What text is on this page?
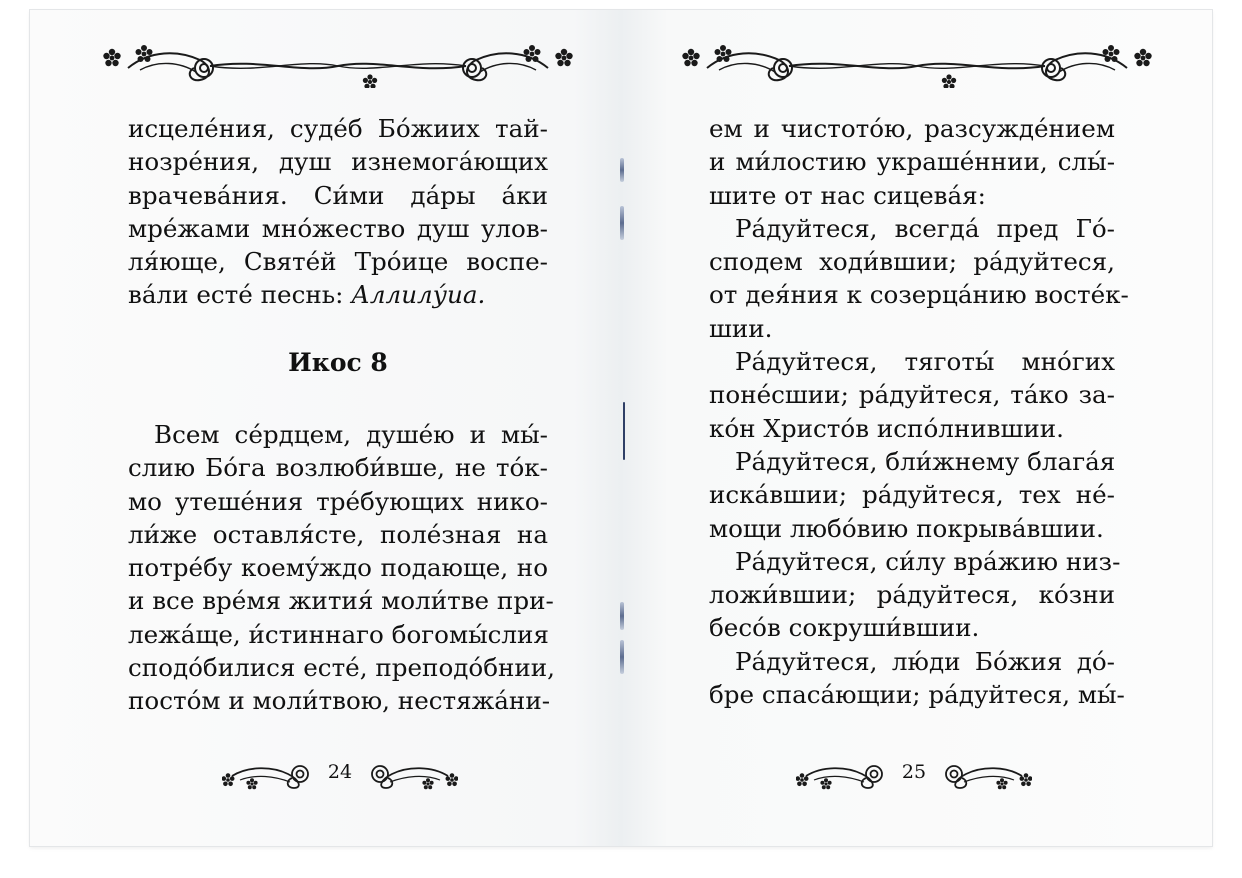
исцеле́ния, суде́б Бо́жиих тай-
нозре́ния, душ изнемога́ющих
врачева́ния. Си́ми да́ры а́ки
мре́жами мно́жество душ улов-
ля́юще, Святе́й Тро́ице воспе-
ва́ли есте́ песнь: Аллилу́иа.
Икос 8
Всем се́рдцем, душе́ю и мы́-
слию Бо́га возлюби́вше, не то́к-
мо утеше́ния тре́бующих нико-
ли́же оставля́сте, поле́зная на
потре́бу коему́ждо подающе, но
и все вре́мя жития́ моли́тве при-
лежа́ще, и́стиннаго богомы́слия
сподо́билися есте́, преподо́бнии,
посто́м и моли́твою, нестяжа́ни-
ем и чистото́ю, разсужде́нием
и ми́лостию украше́ннии, слы́-
шите от нас сицева́я:
Ра́дуйтеся, всегда́ пред Го́-
сподем ходи́вшии; ра́дуйтеся,
от дея́ния к созерца́нию восте́к-
шии.
Ра́дуйтеся, тяготы́ мно́гих
поне́сшии; ра́дуйтеся, та́ко за-
ко́н Христо́в испо́лнившии.
Ра́дуйтеся, бли́жнему блага́я
иска́вшии; ра́дуйтеся, тех не́-
мощи любо́вию покрыва́вшии.
Ра́дуйтеся, си́лу вра́жию низ-
ложи́вшии; ра́дуйтеся, ко́зни
бесо́в сокруши́вшии.
Ра́дуйтеся, лю́ди Бо́жия до́-
бре спаса́ющии; ра́дуйтеся, мы́-
24	25
